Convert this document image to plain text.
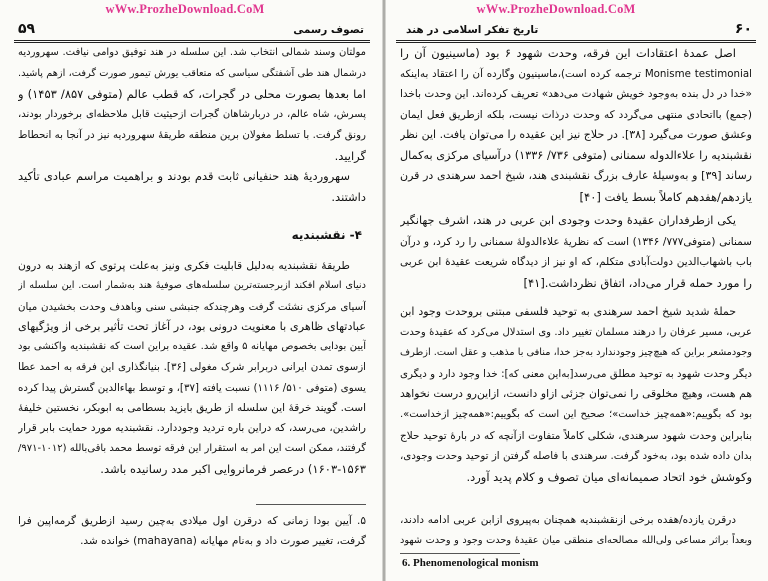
wWw.ProzheDownload.CoM
۵۹	تصوف رسمی
مولتان وسند شمالی انتخاب شد. این سلسله در هند توفیق دوامی نیافت. سهروردیه
درشمال هند طی آشفتگی سیاسی که متعاقب یورش تیمور صورت گرفت، ازهم پاشید.
اما بعدها بصورت محلی در گجرات، که قطب عالم (متوفی ۸۵۷/ ۱۴۵۳) و
پسرش، شاه عالم، در دربارشاهان گجرات ازحیثیت قابل ملاحظه‌ای برخوردار بودند،
رونق گرفت. با تسلط مغولان برین منطقه طریقهٔ سهروردیه نیز در آنجا به انحطاط
گرایید.
سهروردیهٔ هند حنفیانی ثابت قدم بودند و براهمیت مراسم عبادی تأکید
داشتند.
۴- نقشبندیه
طریقهٔ نقشبندیه به‌دلیل قابلیت فکری ونیز به‌علت پرتوی که ازهند به درون
دنیای اسلام افکند ازبرجسته‌ترین سلسله‌های صوفیهٔ هند به‌شمار است. این سلسله از
آسیای مرکزی نشئت گرفت وهرچندکه جنبشی سنی وباهدف وحدت بخشیدن میان
عبادتهای ظاهری با معنویت درونی بود، در آغاز تحت تأثیر برخی از ویژگیهای
آیین بودایی بخصوص مهایانه ۵ واقع شد. عقیده براین است که نقشبندیه واکنشی بود
ازسوی تمدن ایرانی دربرابر شرک مغولی [۳۶]. بنیانگذاری این فرقه به احمد عطا
یسوی (متوفی ۵۱۰/ ۱۱۱۶) نسبت یافته [۳۷]، و توسط بهاءالدین گسترش پیدا کرده
است. گویند خرقهٔ این سلسله از طریق بایزید بسطامی به ابوبکر، نخستین خلیفهٔ
راشدین، می‌رسد، که دراین باره تردید وجوددارد. نقشبندیه مورد حمایت بابر قرار
گرفتند، ممکن است این امر به استقرار این فرقه توسط محمد باقی‌بالله (۱۰۱۲-۹۷۱/
۱۶۰۳-۱۵۶۳) درعصر فرمانروایی اکبر مدد رسانیده باشد.
۵. آیین بودا زمانی که درقرن اول میلادی به‌چین رسید ازطریق گرمه‌اپین فرا
گرفت، تغییر صورت داد و به‌نام مهایانه (mahayana) خوانده شد.
wWw.ProzheDownload.CoM
۶۰
تاریخ تفکر اسلامی در هند
اصل عمدهٔ اعتقادات این فرقه، وحدت شهود ۶ بود (ماسینیون آن را
Monisme testimonial ترجمه کرده است)،ماسینیون وگارده آن را اعتقاد به‌اینکه
«خدا در دل بنده به‌وجود خویش شهادت می‌دهد» تعریف کرده‌اند. این وحدت باخدا
(جمع) بااتحادی منتهی می‌گردد که وحدت درذات نیست، بلکه ازطریق فعل ایمان
وعشق صورت می‌گیرد [۳۸]. در حلاج نیز این عقیده را می‌توان یافت. این نظر
نقشبندیه را علاءالدوله سمنانی (متوفی ۷۳۶/ ۱۳۳۶) درآسیای مرکزی به‌کمال
رساند [۳۹] و به‌وسیلهٔ عارف بزرگ نقشبندی هند، شیخ احمد سرهندی در قرن
یازدهم/هفدهم کاملاً بسط یافت [۴۰]
یکی ازطرفداران عقیدهٔ وحدت وجودی ابن عربی در هند، اشرف جهانگیر
سمنانی (متوفی۷۷۷/ ۱۳۴۶) است که نظریهٔ علاءالدولهٔ سمنانی را رد کرد، و درآن
باب باشهاب‌الدین دولت‌آبادی متکلم، که او نیز از دیدگاه شریعت عقیدهٔ ابن عربی
را مورد حمله قرار می‌داد، اتفاق نظرداشت.[۴۱]
حملهٔ شدید شیخ احمد سرهندی به توحید فلسفی مبتنی بروحدت وجود ابن
عربی، مسیر عرفان را درهند مسلمان تغییر داد. وی استدلال می‌کرد که عقیدهٔ وحدت
وجودمشعر براین که هیچ‌چیز وجودندارد به‌جز خدا، منافی با مذهب و عقل است. ازطرف
دیگر وحدت شهود به توحید مطلق می‌رسد[به‌این معنی که]: خدا وجود دارد و دیگری
هم هست، وهیچ مخلوقی را نمی‌توان جزئی ازاو دانست، ازاین‌رو درست نخواهد
بود که بگوییم:«همه‌چیز خداست»؛ صحیح این است که بگوییم:«همه‌چیز ازخداست».
بنابراین وحدت شهود سرهندی، شکلی کاملاً متفاوت ازآنچه که در بارهٔ توحید حلاج
بدان داده شده بود، به‌خود گرفت. سرهندی با فاصله گرفتن از توحید وحدت وجودی،
وکوشش خود اتحاد صمیمانه‌ای میان تصوف و کلام پدید آورد.
درقرن یازده/هفده برخی ازنقشبندیه همچنان به‌پیروی ازابن عربی ادامه دادند،
وبعداً براثر مساعی ولی‌الله مصالحه‌ای منطقی میان عقیدهٔ وحدت وجود و وحدت شهود
6. Phenomenological monism
